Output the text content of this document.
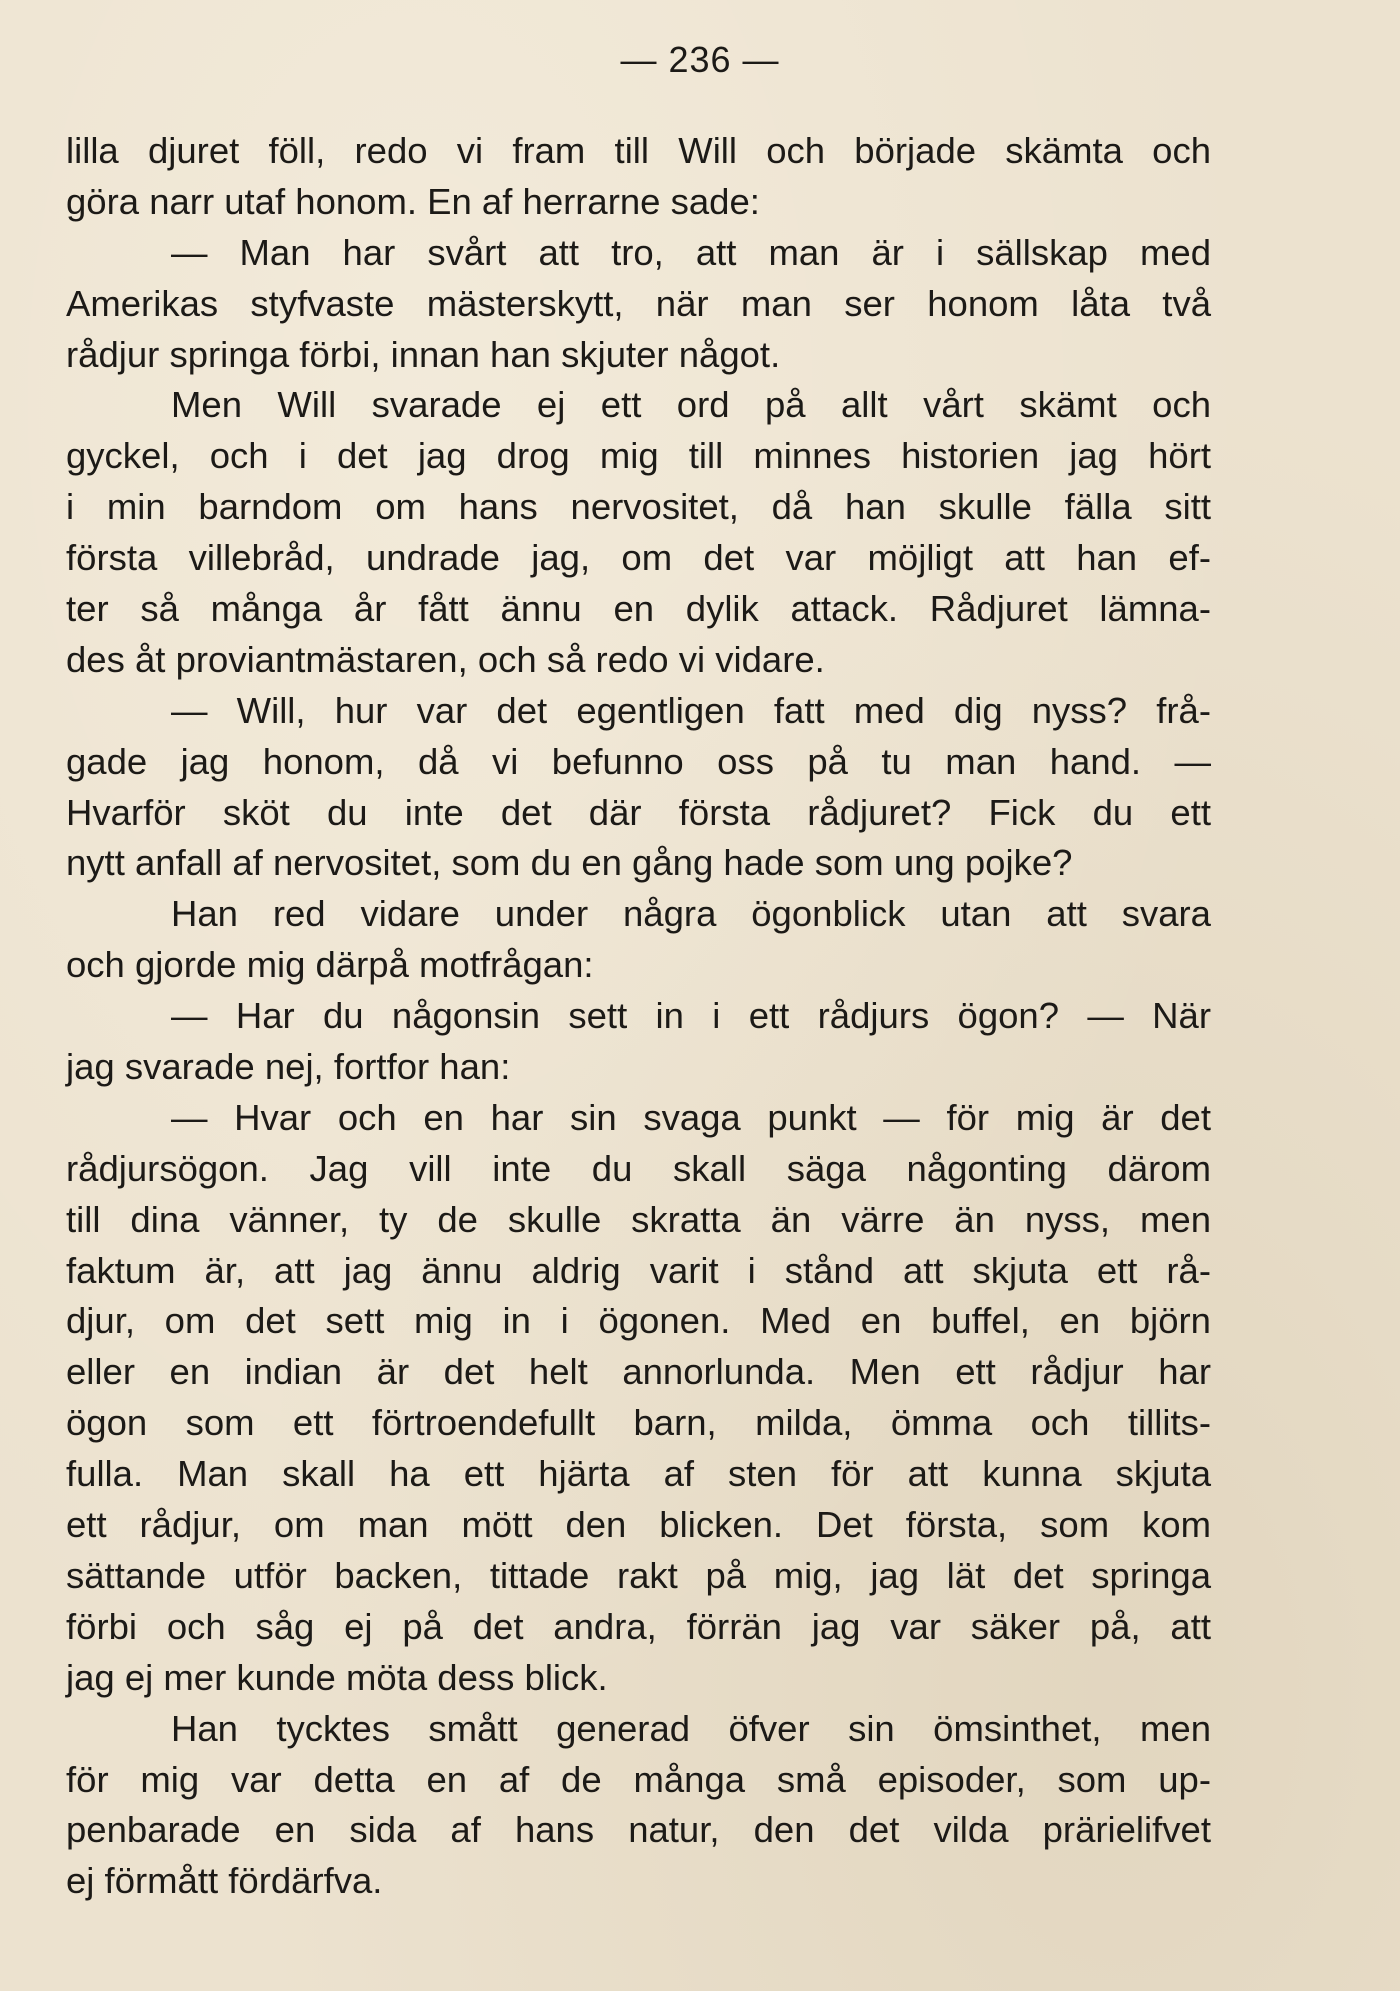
— 236 —
lilla djuret föll, redo vi fram till Will och började skämta och
göra narr utaf honom. En af herrarne sade:
— Man har svårt att tro, att man är i sällskap med
Amerikas styfvaste mästerskytt, när man ser honom låta två
rådjur springa förbi, innan han skjuter något.
Men Will svarade ej ett ord på allt vårt skämt och
gyckel, och i det jag drog mig till minnes historien jag hört
i min barndom om hans nervositet, då han skulle fälla sitt
första villebråd, undrade jag, om det var möjligt att han ef-
ter så många år fått ännu en dylik attack. Rådjuret lämna-
des åt proviantmästaren, och så redo vi vidare.
— Will, hur var det egentligen fatt med dig nyss? frå-
gade jag honom, då vi befunno oss på tu man hand. —
Hvarför sköt du inte det där första rådjuret? Fick du ett
nytt anfall af nervositet, som du en gång hade som ung pojke?
Han red vidare under några ögonblick utan att svara
och gjorde mig därpå motfrågan:
— Har du någonsin sett in i ett rådjurs ögon? — När
jag svarade nej, fortfor han:
— Hvar och en har sin svaga punkt — för mig är det
rådjursögon. Jag vill inte du skall säga någonting därom
till dina vänner, ty de skulle skratta än värre än nyss, men
faktum är, att jag ännu aldrig varit i stånd att skjuta ett rå-
djur, om det sett mig in i ögonen. Med en buffel, en björn
eller en indian är det helt annorlunda. Men ett rådjur har
ögon som ett förtroendefullt barn, milda, ömma och tillits-
fulla. Man skall ha ett hjärta af sten för att kunna skjuta
ett rådjur, om man mött den blicken. Det första, som kom
sättande utför backen, tittade rakt på mig, jag lät det springa
förbi och såg ej på det andra, förrän jag var säker på, att
jag ej mer kunde möta dess blick.
Han tycktes smått generad öfver sin ömsinthet, men
för mig var detta en af de många små episoder, som up-
penbarade en sida af hans natur, den det vilda prärielifvet
ej förmått fördärfva.
